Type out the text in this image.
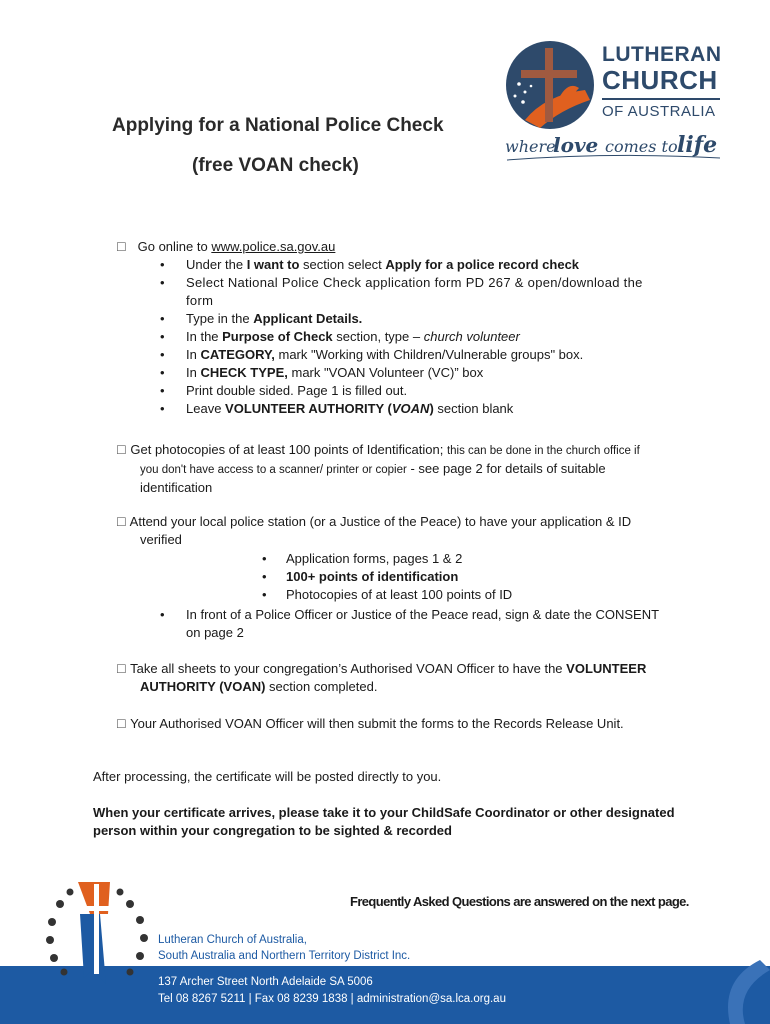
Applying for a National Police Check
(free VOAN check)
LUTHERAN
CHURCH
OF AUSTRALIA
where
love comes to life
☐ Go online to www.police.sa.gov.au
• Under the I want to section select Apply for a police record check
• Select National Police Check application form PD 267 & open/download the
form
• Type in the Applicant Details.
• In the Purpose of Check section, type – church volunteer
• In CATEGORY, mark "Working with Children/Vulnerable groups" box.
• In CHECK TYPE, mark "VOAN Volunteer (VC)” box
• Print double sided. Page 1 is filled out.
• Leave VOLUNTEER AUTHORITY (VOAN) section blank
☐ Get photocopies of at least 100 points of Identification; this can be done in the church office if
you don't have access to a scanner/ printer or copier - see page 2 for details of suitable
identification
☐ Attend your local police station (or a Justice of the Peace) to have your application & ID
verified
• Application forms, pages 1 & 2
• 100+ points of identification
• Photocopies of at least 100 points of ID
• In front of a Police Officer or Justice of the Peace read, sign & date the CONSENT
on page 2
☐ Take all sheets to your congregation’s Authorised VOAN Officer to have the VOLUNTEER
AUTHORITY (VOAN) section completed.
☐ Your Authorised VOAN Officer will then submit the forms to the Records Release Unit.
After processing, the certificate will be posted directly to you.
When your certificate arrives, please take it to your ChildSafe Coordinator or other designated
person within your congregation to be sighted & recorded
Frequently Asked Questions are answered on the next page.
Lutheran Church of Australia,
South Australia and Northern Territory District Inc.
137 Archer Street North Adelaide SA 5006
Tel 08 8267 5211 | Fax 08 8239 1838 | administration@sa.lca.org.au
